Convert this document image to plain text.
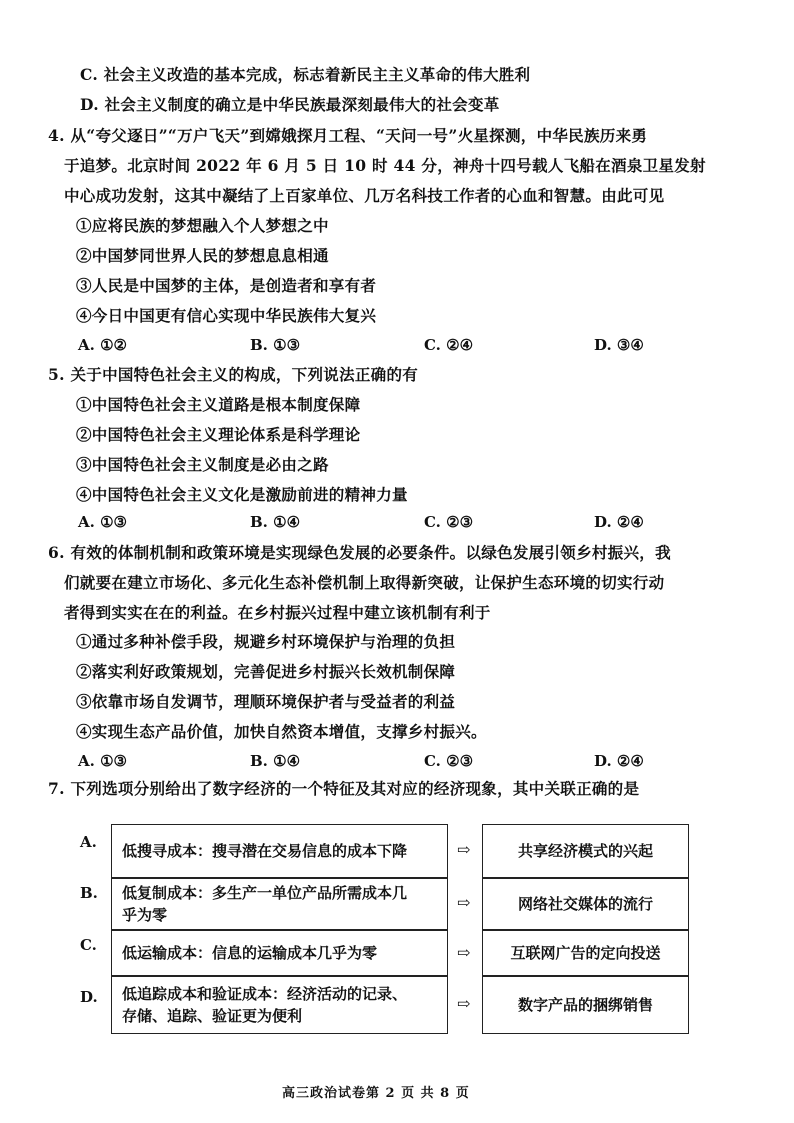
C. 社会主义改造的基本完成，标志着新民主主义革命的伟大胜利
D. 社会主义制度的确立是中华民族最深刻最伟大的社会变革
4. 从“夸父逐日”“万户飞天”到嫦娥探月工程、“天问一号”火星探测，中华民族历来勇
于追梦。北京时间 2022 年 6 月 5 日 10 时 44 分，神舟十四号载人飞船在酒泉卫星发射
中心成功发射，这其中凝结了上百家单位、几万名科技工作者的心血和智慧。由此可见
①应将民族的梦想融入个人梦想之中
②中国梦同世界人民的梦想息息相通
③人民是中国梦的主体，是创造者和享有者
④今日中国更有信心实现中华民族伟大复兴
A. ①②	B. ①③	C. ②④	D. ③④
5. 关于中国特色社会主义的构成，下列说法正确的有
①中国特色社会主义道路是根本制度保障
②中国特色社会主义理论体系是科学理论
③中国特色社会主义制度是必由之路
④中国特色社会主义文化是激励前进的精神力量
A. ①③	B. ①④	C. ②③	D. ②④
6. 有效的体制机制和政策环境是实现绿色发展的必要条件。以绿色发展引领乡村振兴，我
们就要在建立市场化、多元化生态补偿机制上取得新突破，让保护生态环境的切实行动
者得到实实在在的利益。在乡村振兴过程中建立该机制有利于
①通过多种补偿手段，规避乡村环境保护与治理的负担
②落实利好政策规划，完善促进乡村振兴长效机制保障
③依靠市场自发调节，理顺环境保护者与受益者的利益
④实现生态产品价值，加快自然资本增值，支撑乡村振兴。
A. ①③	B. ①④	C. ②③	D. ②④
7. 下列选项分别给出了数字经济的一个特征及其对应的经济现象，其中关联正确的是
A. 低搜寻成本：搜寻潜在交易信息的成本下降	⇨	共享经济模式的兴起
B. 低复制成本：多生产一单位产品所需成本几
乎为零
⇨	网络社交媒体的流行
C. 低运输成本：信息的运输成本几乎为零	⇨	互联网广告的定向投送
D. 低追踪成本和验证成本：经济活动的记录、
存储、追踪、验证更为便利
⇨	数字产品的捆绑销售
高三政治试卷第 2 页 共 8 页
